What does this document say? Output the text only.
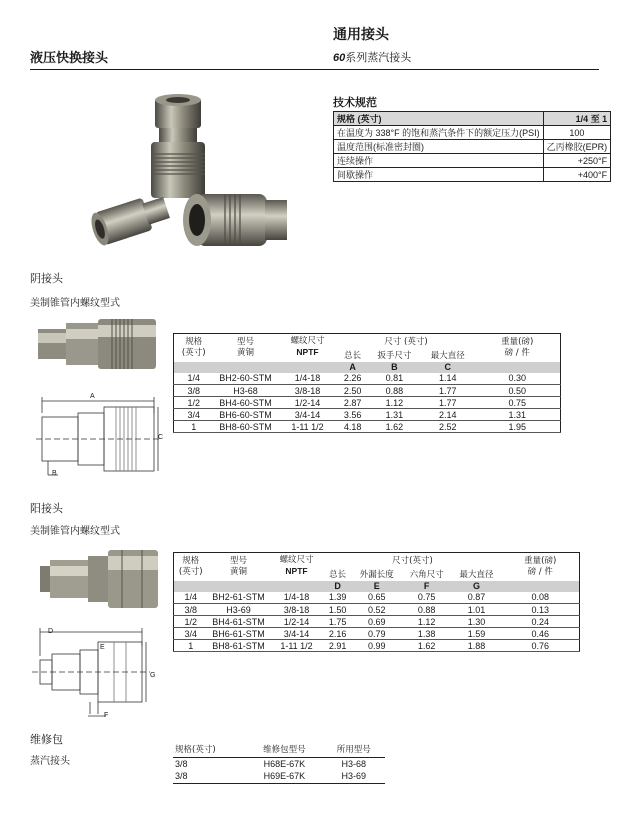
液压快换接头
通用接头
60系列蒸汽接头
技术规范
规格 (英寸)	1/4 至 1
在温度为 338°F 的饱和蒸汽条件下的额定压力(PSI)	100
温度范围(标准密封圈)	乙丙橡胶(EPR)
连续操作	+250°F
间歇操作	+400°F
阴接头
美制锥管内螺纹型式
A
B
C
规格
(英寸)	型号
黄铜	螺纹尺寸
NPTF	尺寸 (英寸)			重量(磅)
磅 / 件
			总长	扳手尺寸	最大直径	
			A	B	C	
1/4	BH2-60-STM	1/4-18	2.26	0.81	1.14	0.30
3/8	H3-68	3/8-18	2.50	0.88	1.77	0.50
1/2	BH4-60-STM	1/2-14	2.87	1.12	1.77	0.75
3/4	BH6-60-STM	3/4-14	3.56	1.31	2.14	1.31
1	BH8-60-STM	1-11 1/2	4.18	1.62	2.52	1.95
阳接头
美制锥管内螺纹型式
D
E
F
G
规格
(英寸)	型号
黄铜	螺纹尺寸
NPTF	尺寸(英寸)				重量(磅)
磅 / 件
			总长	外漏长度	六角尺寸	最大直径	
			D	E	F	G	
1/4	BH2-61-STM	1/4-18	1.39	0.65	0.75	0.87	0.08
3/8	H3-69	3/8-18	1.50	0.52	0.88	1.01	0.13
1/2	BH4-61-STM	1/2-14	1.75	0.69	1.12	1.30	0.24
3/4	BH6-61-STM	3/4-14	2.16	0.79	1.38	1.59	0.46
1	BH8-61-STM	1-11 1/2	2.91	0.99	1.62	1.88	0.76
维修包
蒸汽接头
规格(英寸)	维修包型号	所用型号
3/8	H68E-67K	H3-68
3/8	H69E-67K	H3-69
